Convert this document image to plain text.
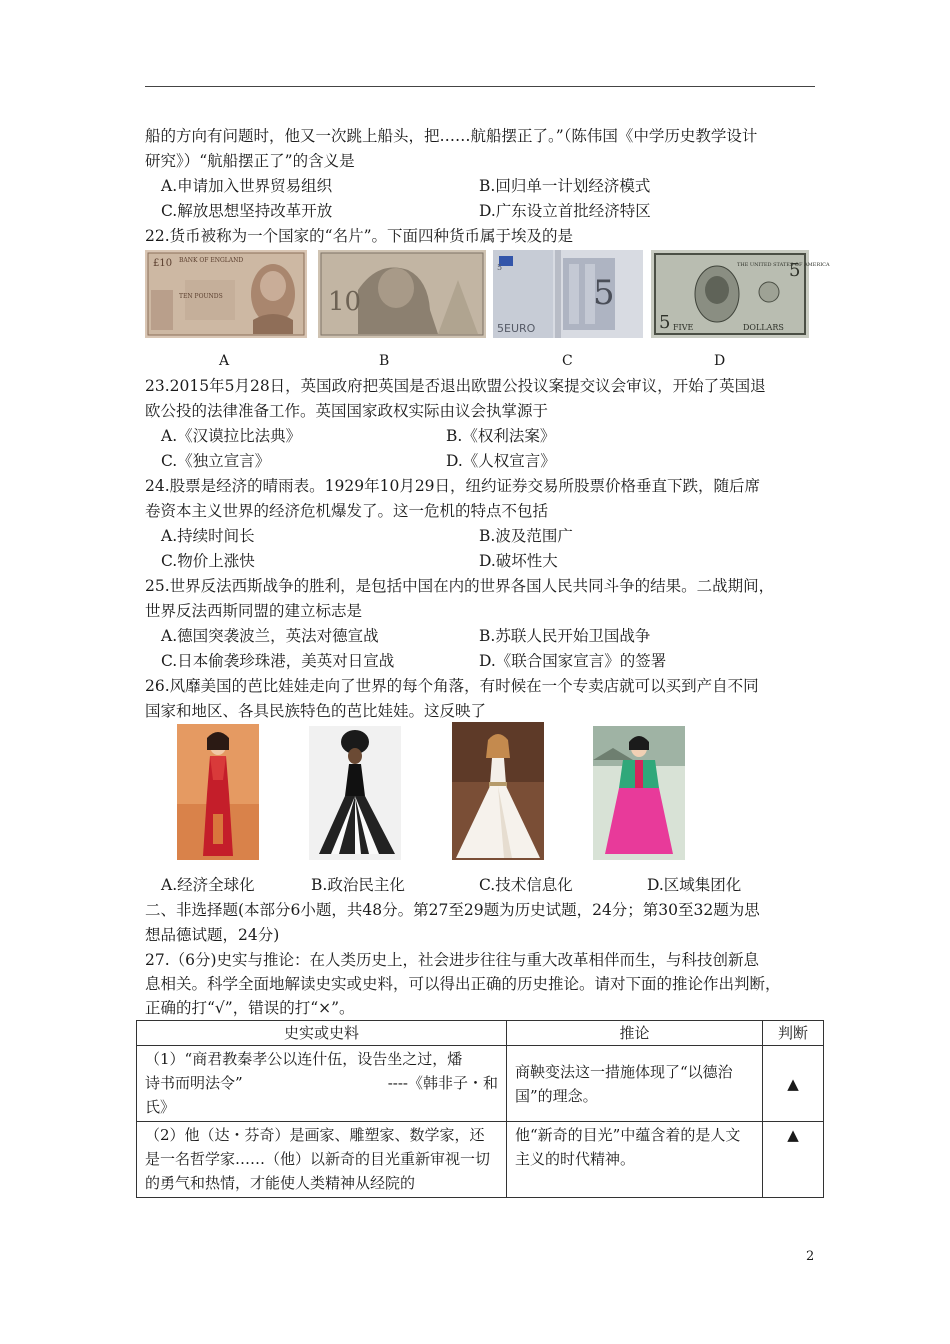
船的方向有问题时，他又一次跳上船头，把……航船摆正了。”（陈伟国《中学历史教学设计
研究》）“航船摆正了”的含义是
A.申请加入世界贸易组织	B.回归单一计划经济模式
C.解放思想坚持改革开放	D.广东设立首批经济特区
22.货币被称为一个国家的“名片”。下面四种货币属于埃及的是
BANK OF ENGLAND
TEN POUNDS
£10
10	5
5EURO
5	THE UNITED STATES OF AMERICA
FIVE	DOLLARS
5
5
A	B	C	D
23.2015年5月28日，英国政府把英国是否退出欧盟公投议案提交议会审议，开始了英国退
欧公投的法律准备工作。英国国家政权实际由议会执掌源于
A.《汉谟拉比法典》	B.《权利法案》
C.《独立宣言》	D.《人权宣言》
24.股票是经济的晴雨表。1929年10月29日，纽约证券交易所股票价格垂直下跌，随后席
卷资本主义世界的经济危机爆发了。这一危机的特点不包括
A.持续时间长	B.波及范围广
C.物价上涨快	D.破坏性大
25.世界反法西斯战争的胜利，是包括中国在内的世界各国人民共同斗争的结果。二战期间，
世界反法西斯同盟的建立标志是
A.德国突袭波兰，英法对德宣战	B.苏联人民开始卫国战争
C.日本偷袭珍珠港，美英对日宣战	D.《联合国家宣言》的签署
26.风靡美国的芭比娃娃走向了世界的每个角落，有时候在一个专卖店就可以买到产自不同
国家和地区、各具民族特色的芭比娃娃。这反映了
A.经济全球化	B.政治民主化	C.技术信息化	D.区域集团化
二、非选择题(本部分6小题，共48分。第27至29题为历史试题，24分；第30至32题为思
想品德试题，24分)
27.（6分)史实与推论：在人类历史上，社会进步往往与重大改革相伴而生，与科技创新息
息相关。科学全面地解读史实或史料，可以得出正确的历史推论。请对下面的推论作出判断，
正确的打“√”，错误的打“×”。
史实或史料	推论	判断

（1）“商君教秦孝公以连什伍，设告坐之过，燔
诗书而明法令” ----《韩非子・和
氏》	商鞅变法这一措施体现了“以德治国”的理念。	▲
（2）他（达・芬奇）是画家、雕塑家、数学家，还是一名哲学家……（他）以新奇的目光重新审视一切的勇气和热情，才能使人类精神从经院的	他“新奇的目光”中蕴含着的是人文主义的时代精神。	▲
2
